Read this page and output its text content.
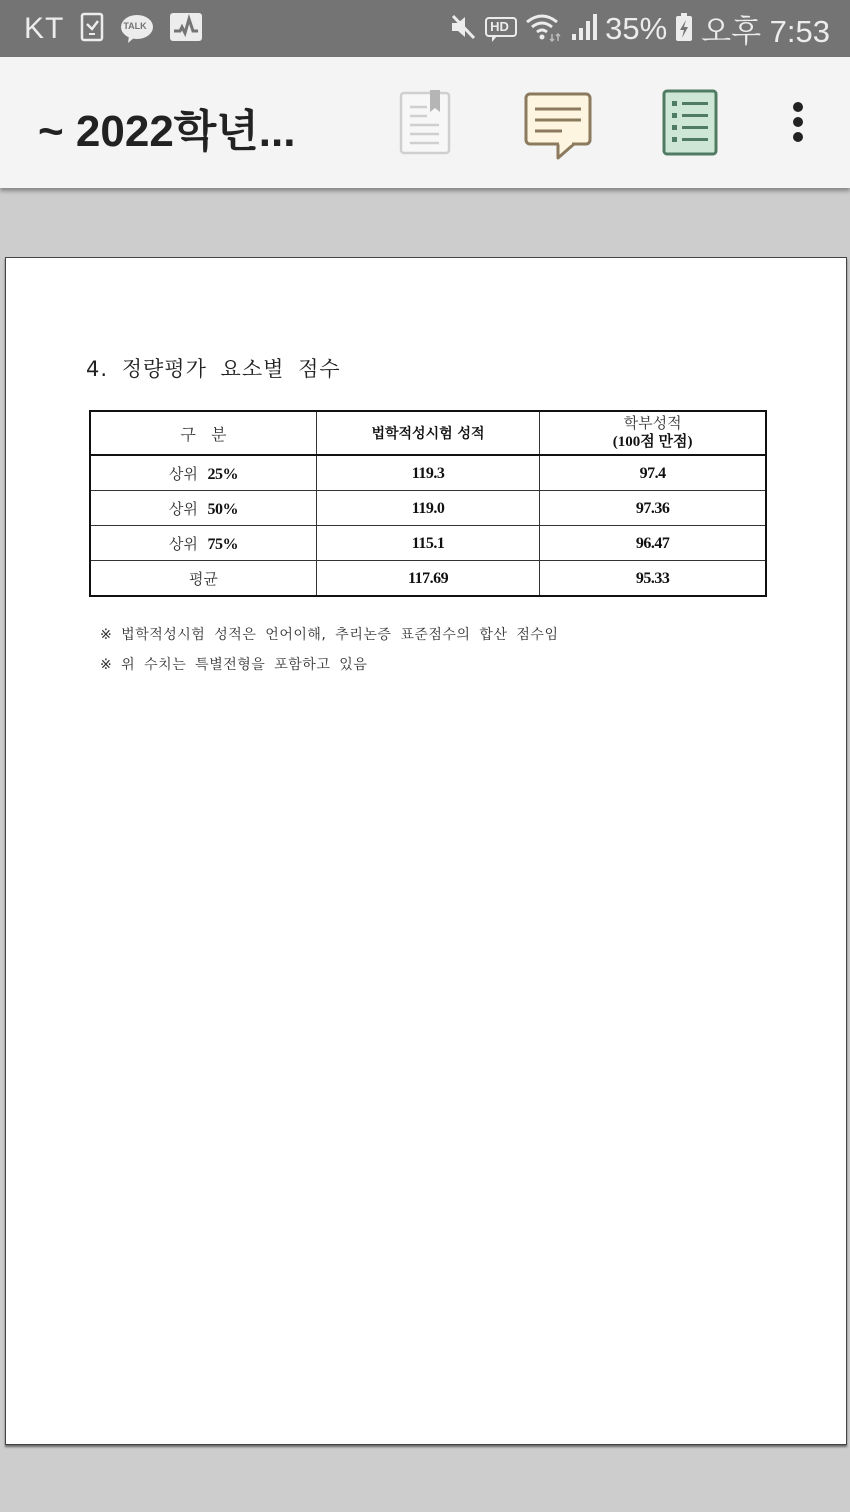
KT	TALK	HD	35% 오후 7:53
~ 2022학년...
4. 정량평가 요소별 점수
구   분	법학적성시험 성적	학부성적
(100점 만점)

상위 25%	119.3	97.4
상위 50%	119.0	97.36
상위 75%	115.1	96.47
평균	117.69	95.33
※ 법학적성시험 성적은 언어이해, 추리논증 표준점수의 합산 점수임
※ 위 수치는 특별전형을 포함하고 있음
